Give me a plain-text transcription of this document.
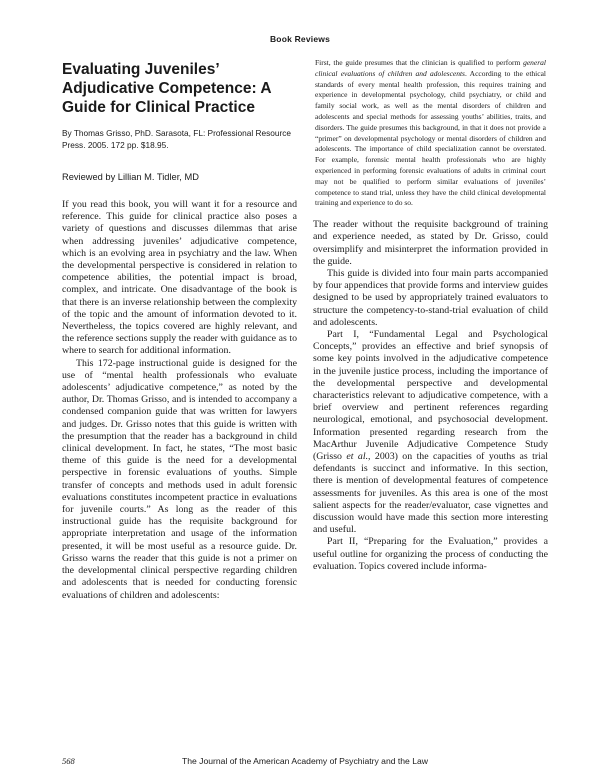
Book Reviews
Evaluating Juveniles’ Adjudicative Competence: A Guide for Clinical Practice

By Thomas Grisso, PhD. Sarasota, FL: Professional Resource Press. 2005. 172 pp. $18.95.

Reviewed by Lillian M. Tidler, MD

If you read this book, you will want it for a resource and reference. This guide for clinical practice also poses a variety of questions and discusses dilemmas that arise when addressing juveniles’ adjudicative competence, which is an evolving area in psychiatry and the law. When the developmental perspective is considered in relation to competence abilities, the potential impact is broad, complex, and intricate. One disadvantage of the book is that there is an inverse relationship between the complexity of the topic and the amount of information devoted to it. Nevertheless, the topics covered are highly relevant, and the reference sections supply the reader with guidance as to where to search for additional information.

This 172-page instructional guide is designed for the use of “mental health professionals who evaluate adolescents’ adjudicative competence,” as noted by the author, Dr. Thomas Grisso, and is intended to accompany a condensed companion guide that was written for lawyers and judges. Dr. Grisso notes that this guide is written with the presumption that the reader has a background in child clinical development. In fact, he states, “The most basic theme of this guide is the need for a developmental perspective in forensic evaluations of youths. Simple transfer of concepts and methods used in adult forensic evaluations constitutes incompetent practice in evaluations for juvenile courts.” As long as the reader of this instructional guide has the requisite background for appropriate interpretation and usage of the information presented, it will be most useful as a resource guide. Dr. Grisso warns the reader that this guide is not a primer on the developmental clinical perspective regarding children and adolescents that is needed for conducting forensic evaluations of children and adolescents:

First, the guide presumes that the clinician is qualified to perform general clinical evaluations of children and adolescents. According to the ethical standards of every mental health profession, this requires training and experience in developmental psychology, child psychiatry, or child and family social work, as well as the mental disorders of children and adolescents and special methods for assessing youths’ abilities, traits, and disorders. The guide presumes this background, in that it does not provide a “primer” on developmental psychology or mental disorders of children and adolescents. The importance of child specialization cannot be overstated. For example, forensic mental health professionals who are highly experienced in performing forensic evaluations of adults in criminal court may not be qualified to perform similar evaluations of juveniles’ competence to stand trial, unless they have the child clinical developmental training and experience to do so.

The reader without the requisite background of training and experience needed, as stated by Dr. Grisso, could oversimplify and misinterpret the information provided in the guide.

This guide is divided into four main parts accompanied by four appendices that provide forms and interview guides designed to be used by appropriately trained evaluators to structure the competency-to-stand-trial evaluation of child and adolescents.

Part I, “Fundamental Legal and Psychological Concepts,” provides an effective and brief synopsis of some key points involved in the adjudicative competence in the juvenile justice process, including the importance of the developmental perspective and developmental characteristics relevant to adjudicative competence, with a brief overview and pertinent references regarding neurological, emotional, and psychosocial development. Information presented regarding research from the MacArthur Juvenile Adjudicative Competence Study (Grisso et al., 2003) on the capacities of youths as trial defendants is succinct and informative. In this section, there is mention of developmental features of competence assessments for juveniles. As this area is one of the most salient aspects for the reader/evaluator, case vignettes and discussion would have made this section more interesting and useful.

Part II, “Preparing for the Evaluation,” provides a useful outline for organizing the process of conducting the evaluation. Topics covered include informa-

568	The Journal of the American Academy of Psychiatry and the Law
